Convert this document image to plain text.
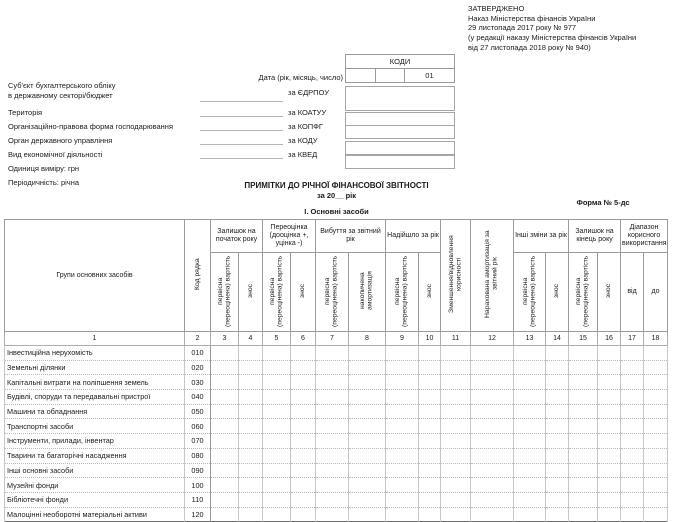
ЗАТВЕРДЖЕНО
Наказ Міністерства фінансів України
29 листопада 2017 року № 977
(у редакції наказу Міністерства фінансів України
від 27 листопада 2018 року № 940)
КОДИ
01
Дата (рік, місяць, число)
Суб'єкт бухгалтерського обліку
в державному секторі/бюджет	за ЄДРПОУ
Територія	за КОАТУУ
Організаційно-правова форма господарювання	за КОПФГ
Орган державного управління	за КОДУ
Вид економічної діяльності	за КВЕД
Одиниця виміру: грн
Періодичність: річна	ПРИМІТКИ ДО РІЧНОЇ ФІНАНСОВОЇ ЗВІТНОСТІ
за 20__ рік
Форма № 5-дс
І. Основні засоби
Групи основних засобів	Код рядка	Залишок на початок року		Переоцінка (дооцінка +, уцінка -)		Вибуття за звітний рік		Надійшло за рік		Зменшення/відновлення корисності	Нарахована амортизація за звітний рік	Інші зміни за рік		Залишок на кінець року		Діапазон корисного використання	
		первісна (переоцінена) вартість	знос	первісна (переоцінена) вартість	знос	первісна (переоцінена) вартість	накопичена амортизація	первісна (переоцінена) вартість	знос			первісна (переоцінена) вартість	знос	первісна (переоцінена) вартість	знос	від	до
1	2	3	4	5	6	7	8	9	10	11	12	13	14	15	16	17	18
Інвестиційна нерухомість	010																
Земельні ділянки	020																
Капітальні витрати на поліпшення земель	030																
Будівлі, споруди та передавальні пристрої	040																
Машини та обладнання	050																
Транспортні засоби	060																
Інструменти, прилади, інвентар	070																
Тварини та багаторічні насадження	080																
Інші основні засоби	090																
Музейні фонди	100																
Бібліотечні фонди	110																
Малоцінні необоротні матеріальні активи	120																
